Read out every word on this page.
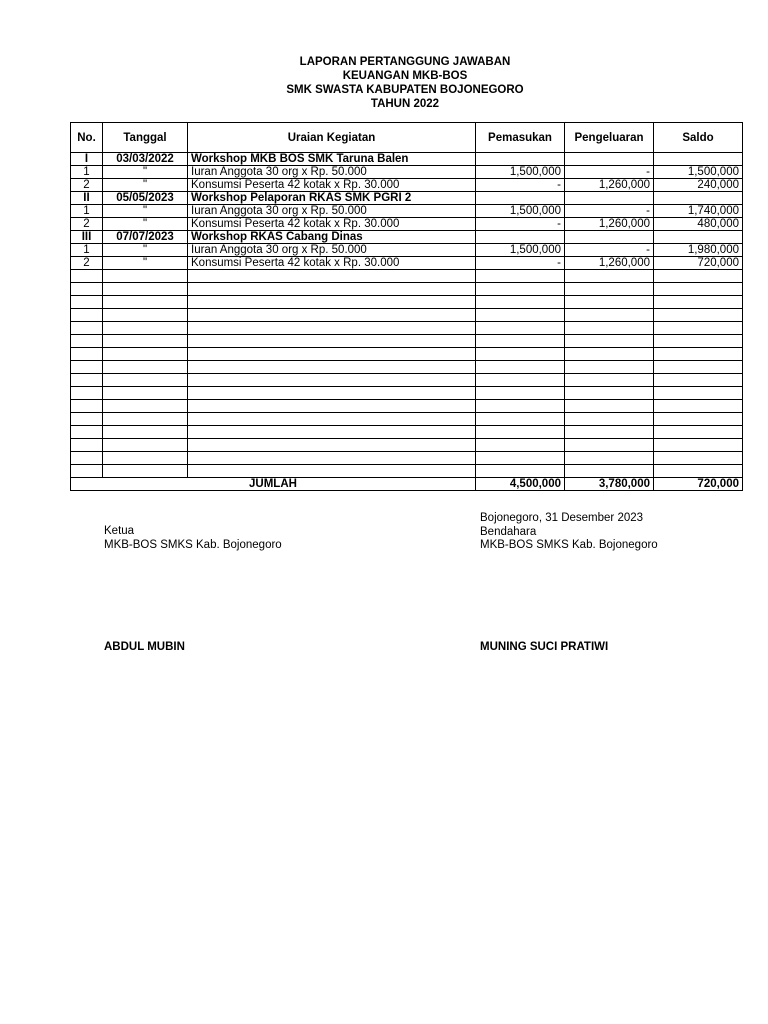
LAPORAN PERTANGGUNG JAWABAN
KEUANGAN MKB-BOS
SMK SWASTA KABUPATEN BOJONEGORO
TAHUN 2022
No.	Tanggal	Uraian Kegiatan	Pemasukan	Pengeluaran	Saldo
I	03/03/2022	Workshop MKB BOS SMK Taruna Balen			
1	"	Iuran Anggota 30 org x Rp. 50.000	1,500,000	-	1,500,000
2	"	Konsumsi Peserta 42 kotak x Rp. 30.000	-	1,260,000	240,000
II	05/05/2023	Workshop Pelaporan RKAS SMK PGRI 2			
1	"	Iuran Anggota 30 org x Rp. 50.000	1,500,000	-	1,740,000
2	"	Konsumsi Peserta 42 kotak x Rp. 30.000	-	1,260,000	480,000
III	07/07/2023	Workshop RKAS Cabang Dinas			
1	"	Iuran Anggota 30 org x Rp. 50.000	1,500,000	-	1,980,000
2	"	Konsumsi Peserta 42 kotak x Rp. 30.000	-	1,260,000	720,000

JUMLAH			4,500,000	3,780,000	720,000
Ketua
MKB-BOS SMKS Kab. Bojonegoro
ABDUL MUBIN
Bojonegoro, 31 Desember 2023
Bendahara
MKB-BOS SMKS Kab. Bojonegoro
MUNING SUCI PRATIWI
